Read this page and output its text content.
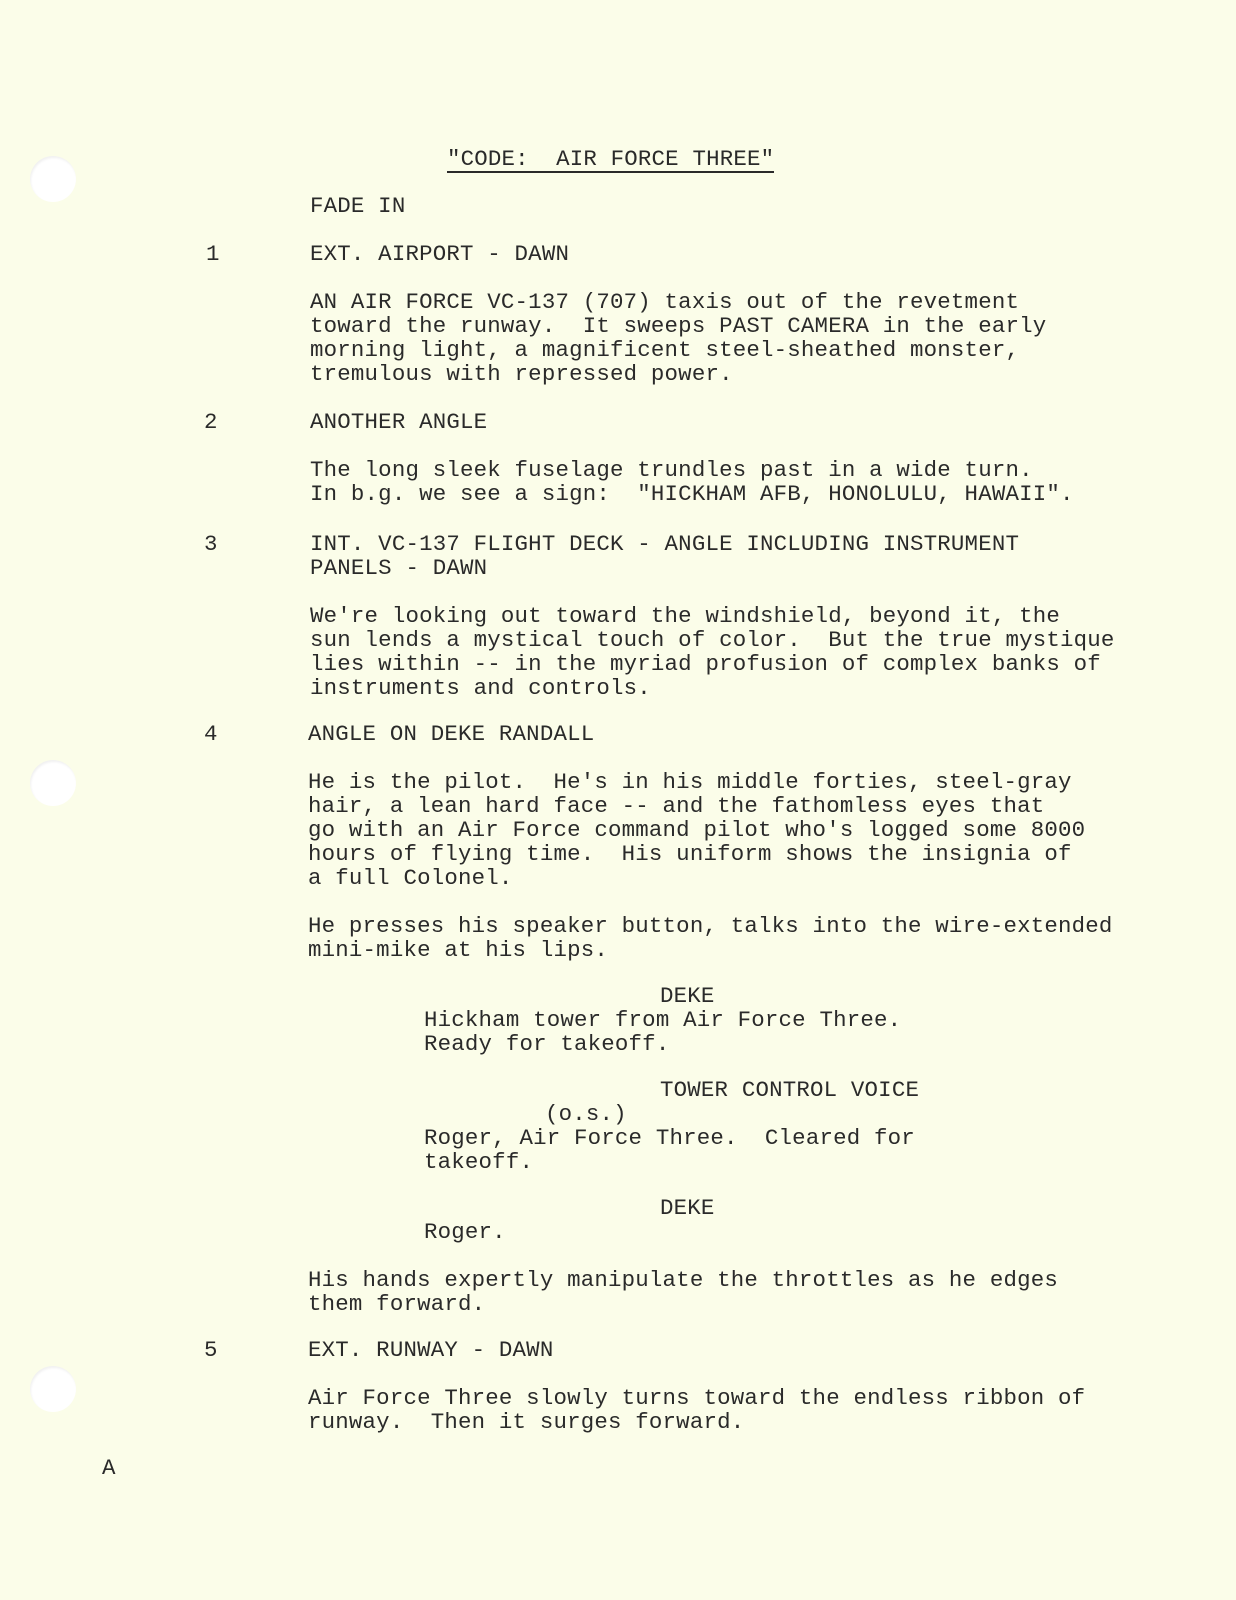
"CODE:  AIR FORCE THREE"
FADE IN
1	EXT. AIRPORT - DAWN
AN AIR FORCE VC-137 (707) taxis out of the revetment
toward the runway.  It sweeps PAST CAMERA in the early
morning light, a magnificent steel-sheathed monster,
tremulous with repressed power.
2	ANOTHER ANGLE
The long sleek fuselage trundles past in a wide turn.
In b.g. we see a sign:  "HICKHAM AFB, HONOLULU, HAWAII".
3	INT. VC-137 FLIGHT DECK - ANGLE INCLUDING INSTRUMENT
PANELS - DAWN
We're looking out toward the windshield, beyond it, the
sun lends a mystical touch of color.  But the true mystique
lies within -- in the myriad profusion of complex banks of
instruments and controls.
4	ANGLE ON DEKE RANDALL
He is the pilot.  He's in his middle forties, steel-gray
hair, a lean hard face -- and the fathomless eyes that
go with an Air Force command pilot who's logged some 8000
hours of flying time.  His uniform shows the insignia of
a full Colonel.
He presses his speaker button, talks into the wire-extended
mini-mike at his lips.
DEKE
Hickham tower from Air Force Three.
Ready for takeoff.
TOWER CONTROL VOICE
(o.s.)
Roger, Air Force Three.  Cleared for
takeoff.
DEKE
Roger.
His hands expertly manipulate the throttles as he edges
them forward.
5	EXT. RUNWAY - DAWN
Air Force Three slowly turns toward the endless ribbon of
runway.  Then it surges forward.
A
